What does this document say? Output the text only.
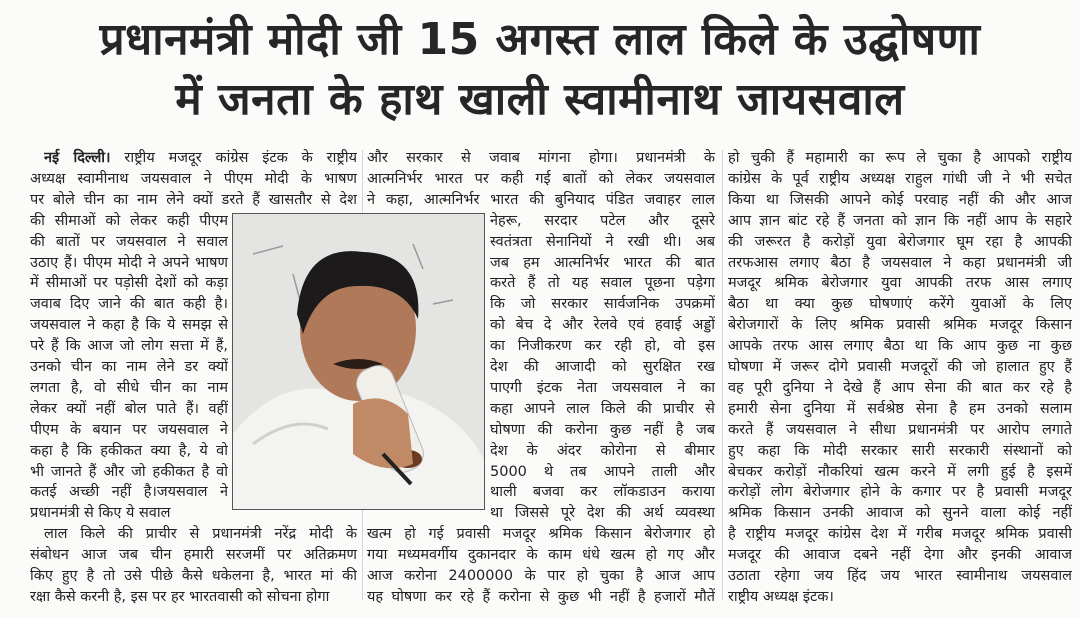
प्रधानमंत्री मोदी जी 15 अगस्त लाल किले के उद्घोषणा
में जनता के हाथ खाली स्वामीनाथ जायसवाल
नई दिल्ली। राष्ट्रीय मजदूर कांग्रेस इंटक के राष्ट्रीय
अध्यक्ष स्वामीनाथ जयसवाल ने पीएम मोदी के भाषण
पर बोले चीन का नाम लेने क्यों डरते हैं खासतौर से देश
की सीमाओं को लेकर कही पीएम
की बातों पर जयसवाल ने सवाल
उठाए हैं। पीएम मोदी ने अपने भाषण
में सीमाओं पर पड़ोसी देशों को कड़ा
जवाब दिए जाने की बात कही है।
जयसवाल ने कहा है कि ये समझ से
परे हैं कि आज जो लोग सत्ता में हैं,
उनको चीन का नाम लेने डर क्यों
लगता है, वो सीधे चीन का नाम
लेकर क्यों नहीं बोल पाते हैं। वहीं
पीएम के बयान पर जयसवाल ने
कहा है कि हकीकत क्या है, ये वो
भी जानते हैं और जो हकीकत है वो
कतई अच्छी नहीं है।जयसवाल ने
प्रधानमंत्री से किए ये सवाल
लाल किले की प्राचीर से प्रधानमंत्री नरेंद्र मोदी के
संबोधन आज जब चीन हमारी सरजमीं पर अतिक्रमण
किए हुए है तो उसे पीछे कैसे धकेलना है, भारत मां की
रक्षा कैसे करनी है, इस पर हर भारतवासी को सोचना होगा
और सरकार से जवाब मांगना होगा। प्रधानमंत्री के
आत्मनिर्भर भारत पर कही गई बातों को लेकर जयसवाल
ने कहा, आत्मनिर्भर भारत की बुनियाद पंडित जवाहर लाल
नेहरू, सरदार पटेल और दूसरे
स्वतंत्रता सेनानियों ने रखी थी। अब
जब हम आत्मनिर्भर भारत की बात
करते हैं तो यह सवाल पूछना पड़ेगा
कि जो सरकार सार्वजनिक उपक्रमों
को बेच दे और रेलवे एवं हवाई अड्डों
का निजीकरण कर रही हो, वो इस
देश की आजादी को सुरक्षित रख
पाएगी इंटक नेता जयसवाल ने का
कहा आपने लाल किले की प्राचीर से
घोषणा की करोना कुछ नहीं है जब
देश के अंदर कोरोना से बीमार
5000 थे तब आपने ताली और
थाली बजवा कर लॉकडाउन कराया
था जिससे पूरे देश की अर्थ व्यवस्था
खत्म हो गई प्रवासी मजदूर श्रमिक किसान बेरोजगार हो
गया मध्यमवर्गीय दुकानदार के काम धंधे खत्म हो गए और
आज करोना 2400000 के पार हो चुका है आज आप
यह घोषणा कर रहे हैं करोना से कुछ भी नहीं है हजारों मौतें
हो चुकी हैं महामारी का रूप ले चुका है आपको राष्ट्रीय
कांग्रेस के पूर्व राष्ट्रीय अध्यक्ष राहुल गांधी जी ने भी सचेत
किया था जिसकी आपने कोई परवाह नहीं की और आज
आप ज्ञान बांट रहे हैं जनता को ज्ञान कि नहीं आप के सहारे
की जरूरत है करोड़ों युवा बेरोजगार घूम रहा है आपकी
तरफआस लगाए बैठा है जयसवाल ने कहा प्रधानमंत्री जी
मजदूर श्रमिक बेरोजगार युवा आपकी तरफ आस लगाए
बैठा था क्या कुछ घोषणाएं करेंगे युवाओं के लिए
बेरोजगारों के लिए श्रमिक प्रवासी श्रमिक मजदूर किसान
आपके तरफ आस लगाए बैठा था कि आप कुछ ना कुछ
घोषणा में जरूर दोगे प्रवासी मजदूरों की जो हालात हुए हैं
वह पूरी दुनिया ने देखे हैं आप सेना की बात कर रहे है
हमारी सेना दुनिया में सर्वश्रेष्ठ सेना है हम उनको सलाम
करते हैं जयसवाल ने सीधा प्रधानमंत्री पर आरोप लगाते
हुए कहा कि मोदी सरकार सारी सरकारी संस्थानों को
बेचकर करोड़ों नौकरियां खत्म करने में लगी हुई है इसमें
करोड़ों लोग बेरोजगार होने के कगार पर है प्रवासी मजदूर
श्रमिक किसान उनकी आवाज को सुनने वाला कोई नहीं
है राष्ट्रीय मजदूर कांग्रेस देश में गरीब मजदूर श्रमिक प्रवासी
मजदूर की आवाज दबने नहीं देगा और इनकी आवाज
उठाता रहेगा जय हिंद जय भारत स्वामीनाथ जयसवाल
राष्ट्रीय अध्यक्ष इंटक।
